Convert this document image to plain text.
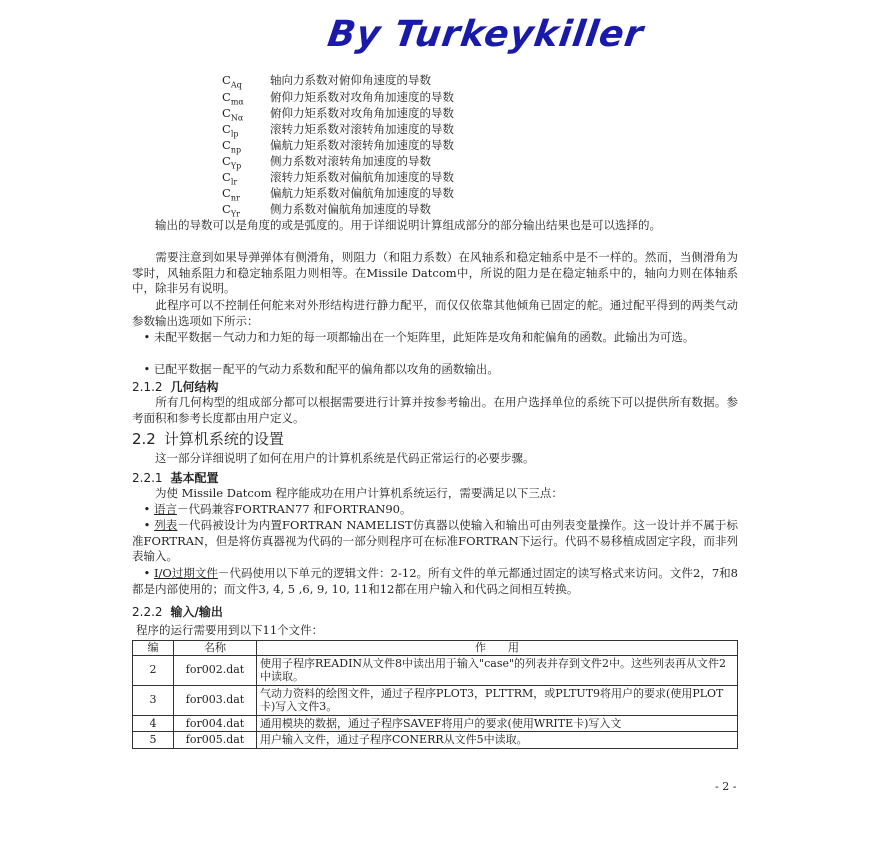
By Turkeykiller
$C_{Aq}$ 轴向力系数对俯仰角速度的导数
$C_{m\alpha}$ 俯仰力矩系数对攻角角加速度的导数
$C_{N\alpha}$ 俯仰力矩系数对攻角角加速度的导数
$C_{lp}$	滚转力矩系数对滚转角加速度的导数
$C_{np}$	偏航力矩系数对滚转角加速度的导数
$C_{Yp}$	侧力系数对滚转角加速度的导数
$C_{lr}$	滚转力矩系数对偏航角加速度的导数
$C_{nr}$	偏航力矩系数对偏航角加速度的导数
$C_{Yr}$	侧力系数对偏航角加速度的导数
　　输出的导数可以是角度的或是弧度的。用于详细说明计算组成部分的部分输出结果也是可以选择的。
　　需要注意到如果导弹弹体有侧滑角，则阻力（和阻力系数）在风轴系和稳定轴系中是不一样的。然而，当侧滑角为零时，风轴系阻力和稳定轴系阻力则相等。在Missile Datcom中，所说的阻力是在稳定轴系中的，轴向力则在体轴系中，除非另有说明。
　　此程序可以不控制任何舵来对外形结构进行静力配平，而仅仅依靠其他倾角已固定的舵。通过配平得到的两类气动参数输出选项如下所示：
　• 未配平数据－气动力和力矩的每一项都输出在一个矩阵里，此矩阵是攻角和舵偏角的函数。此输出为可选。
　• 已配平数据－配平的气动力系数和配平的偏角都以攻角的函数输出。
2.1.2 几何结构
　　所有几何构型的组成部分都可以根据需要进行计算并按参考输出。在用户选择单位的系统下可以提供所有数据。参考面积和参考长度都由用户定义。
2.2 计算机系统的设置
　　这一部分详细说明了如何在用户的计算机系统是代码正常运行的必要步骤。
2.2.1 基本配置
　　为使 Missile Datcom 程序能成功在用户计算机系统运行，需要满足以下三点：
　• 语言－代码兼容FORTRAN77 和FORTRAN90。
　• 列表－代码被设计为内置FORTRAN NAMELIST仿真器以使输入和输出可由列表变量操作。这一设计并不属于标准FORTRAN，但是将仿真器视为代码的一部分则程序可在标准FORTRAN下运行。代码不易移植成固定字段，而非列表输入。
　• I/O过期文件－代码使用以下单元的逻辑文件：2-12。所有文件的单元都通过固定的读写格式来访问。文件2，7和8都是内部使用的；而文件3, 4, 5 ,6, 9, 10, 11和12都在用户输入和代码之间相互转换。
2.2.2 输入/输出
程序的运行需要用到以下11个文件：
编	名称	作　　用
2	for002.dat	使用子程序READIN从文件8中读出用于输入"case"的列表并存到文件2中。这些列表再从文件2中读取。
3	for003.dat	气动力资料的绘图文件，通过子程序PLOT3，PLTTRM，或PLTUT9将用户的要求(使用PLOT卡)写入文件3。
4	for004.dat	通用模块的数据，通过子程序SAVEF将用户的要求(使用WRITE卡)写入文
5	for005.dat	用户输入文件，通过子程序CONERR从文件5中读取。
- 2 -
